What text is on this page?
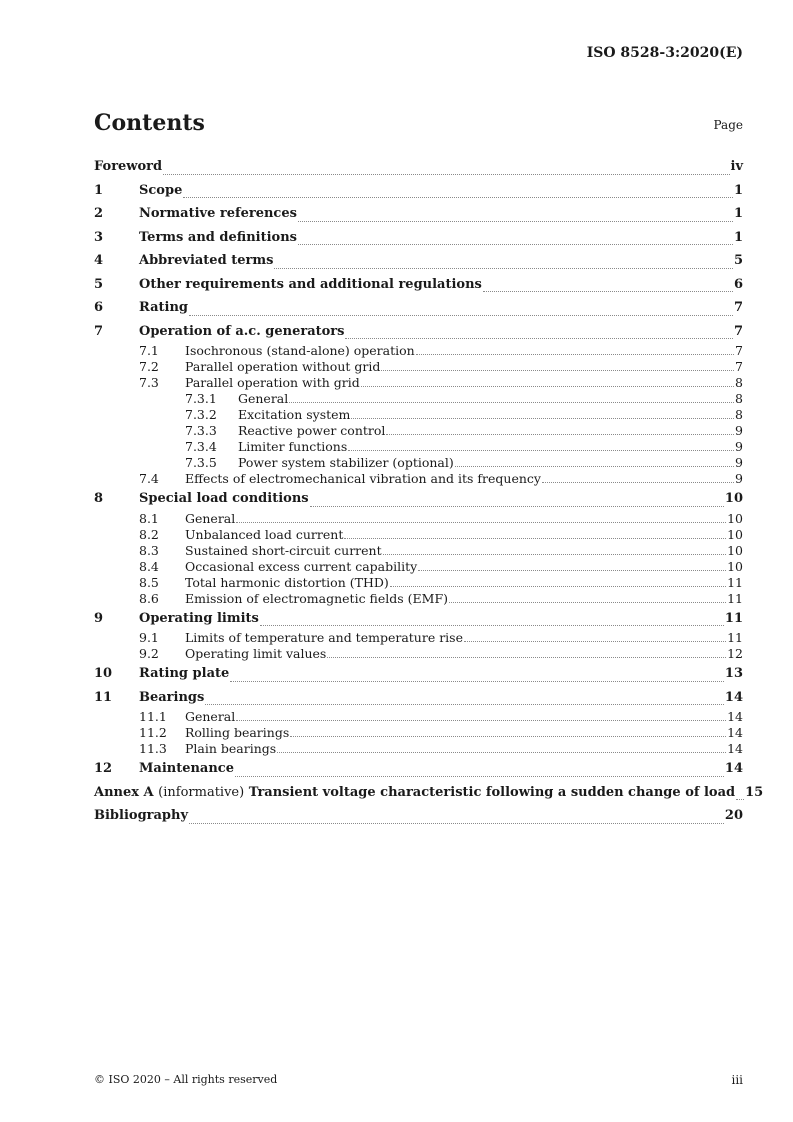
ISO 8528-3:2020(E)
Contents	Page
Foreword	iv
1	Scope	1
2	Normative references	1
3	Terms and definitions	1
4	Abbreviated terms	5
5	Other requirements and additional regulations	6
6	Rating	7
7	Operation of a.c. generators	7
7.1	Isochronous (stand-alone) operation	7
7.2	Parallel operation without grid	7
7.3	Parallel operation with grid	8
7.3.1	General	8
7.3.2	Excitation system	8
7.3.3	Reactive power control	9
7.3.4	Limiter functions	9
7.3.5	Power system stabilizer (optional)	9
7.4	Effects of electromechanical vibration and its frequency	9
8	Special load conditions	10
8.1	General	10
8.2	Unbalanced load current	10
8.3	Sustained short-circuit current	10
8.4	Occasional excess current capability	10
8.5	Total harmonic distortion (THD)	11
8.6	Emission of electromagnetic fields (EMF)	11
9	Operating limits	11
9.1	Limits of temperature and temperature rise	11
9.2	Operating limit values	12
10	Rating plate	13
11	Bearings	14
11.1	General	14
11.2	Rolling bearings	14
11.3	Plain bearings	14
12	Maintenance	14
Annex A (informative) Transient voltage characteristic following a sudden change of load 15
Bibliography	20
© ISO 2020 – All rights reserved	iii
